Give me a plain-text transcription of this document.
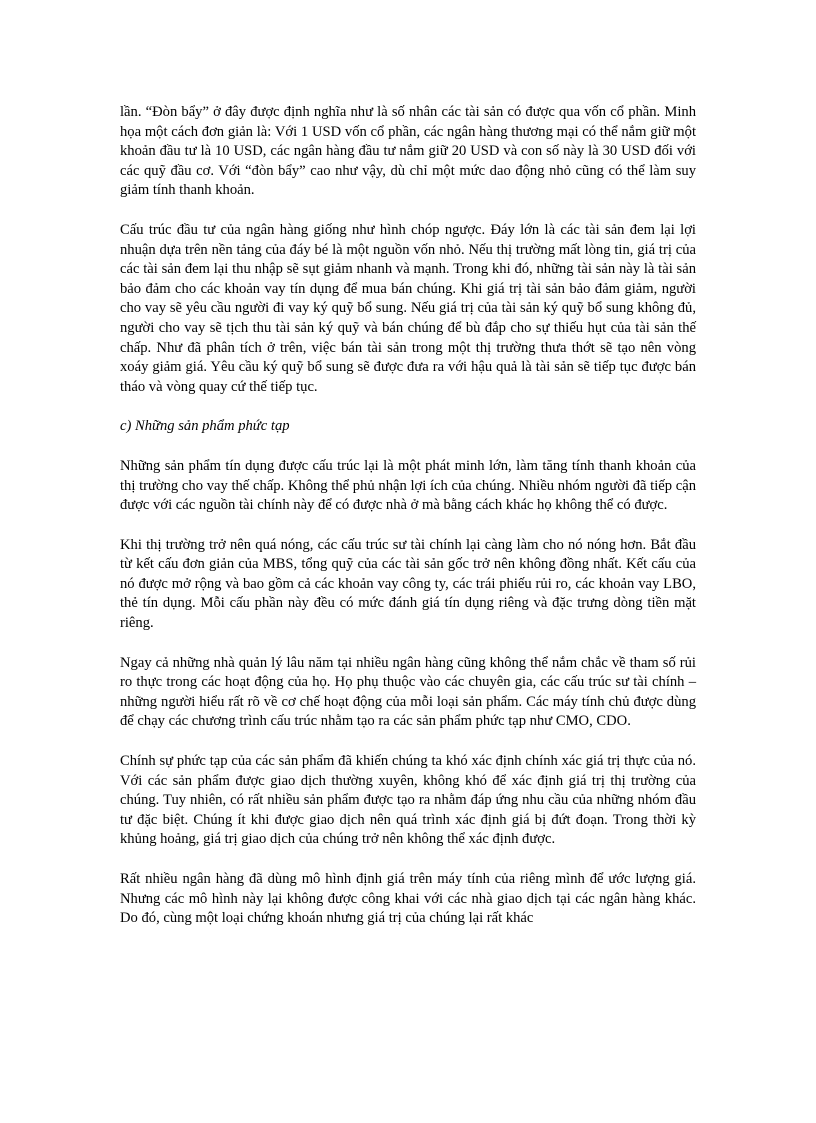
lần. “Đòn bẩy” ở đây được định nghĩa như là số nhân các tài sản có được qua vốn cổ phần. Minh họa một cách đơn giản là: Với 1 USD vốn cổ phần, các ngân hàng thương mại có thể nắm giữ một khoản đầu tư là 10 USD, các ngân hàng đầu tư nắm giữ 20 USD và con số này là 30 USD đối với các quỹ đầu cơ. Với “đòn bẩy” cao như vậy, dù chỉ một mức dao động nhỏ cũng có thể làm suy giảm tính thanh khoản.

Cấu trúc đầu tư của ngân hàng giống như hình chóp ngược. Đáy lớn là các tài sản đem lại lợi nhuận dựa trên nền tảng của đáy bé là một nguồn vốn nhỏ. Nếu thị trường mất lòng tin, giá trị của các tài sản đem lại thu nhập sẽ sụt giảm nhanh và mạnh. Trong khi đó, những tài sản này là tài sản bảo đảm cho các khoản vay tín dụng để mua bán chúng. Khi giá trị tài sản bảo đảm giảm, người cho vay sẽ yêu cầu người đi vay ký quỹ bổ sung. Nếu giá trị của tài sản ký quỹ bổ sung không đủ, người cho vay sẽ tịch thu tài sản ký quỹ và bán chúng để bù đắp cho sự thiếu hụt của tài sản thế chấp. Như đã phân tích ở trên, việc bán tài sản trong một thị trường thưa thớt sẽ tạo nên vòng xoáy giảm giá. Yêu cầu ký quỹ bổ sung sẽ được đưa ra với hậu quả là tài sản sẽ tiếp tục được bán tháo và vòng quay cứ thế tiếp tục.

c) Những sản phẩm phức tạp

Những sản phẩm tín dụng được cấu trúc lại là một phát minh lớn, làm tăng tính thanh khoản của thị trường cho vay thế chấp. Không thể phủ nhận lợi ích của chúng. Nhiều nhóm người đã tiếp cận được với các nguồn tài chính này để có được nhà ở mà bằng cách khác họ không thể có được.

Khi thị trường trở nên quá nóng, các cấu trúc sư tài chính lại càng làm cho nó nóng hơn. Bắt đầu từ kết cấu đơn giản của MBS, tổng quỹ của các tài sản gốc trở nên không đồng nhất. Kết cấu của nó được mở rộng và bao gồm cả các khoản vay công ty, các trái phiếu rủi ro, các khoản vay LBO, thẻ tín dụng. Mỗi cấu phần này đều có mức đánh giá tín dụng riêng và đặc trưng dòng tiền mặt riêng.

Ngay cả những nhà quản lý lâu năm tại nhiều ngân hàng cũng không thể nắm chắc về tham số rủi ro thực trong các hoạt động của họ. Họ phụ thuộc vào các chuyên gia, các cấu trúc sư tài chính – những người hiểu rất rõ về cơ chế hoạt động của mỗi loại sản phẩm. Các máy tính chủ được dùng để chạy các chương trình cấu trúc nhằm tạo ra các sản phẩm phức tạp như CMO, CDO.

Chính sự phức tạp của các sản phẩm đã khiến chúng ta khó xác định chính xác giá trị thực của nó. Với các sản phẩm được giao dịch thường xuyên, không khó để xác định giá trị thị trường của chúng. Tuy nhiên, có rất nhiều sản phẩm được tạo ra nhằm đáp ứng nhu cầu của những nhóm đầu tư đặc biệt. Chúng ít khi được giao dịch nên quá trình xác định giá bị đứt đoạn. Trong thời kỳ khủng hoảng, giá trị giao dịch của chúng trở nên không thể xác định được.

Rất nhiều ngân hàng đã dùng mô hình định giá trên máy tính của riêng mình để ước lượng giá. Nhưng các mô hình này lại không được công khai với các nhà giao dịch tại các ngân hàng khác. Do đó, cùng một loại chứng khoán nhưng giá trị của chúng lại rất khác
